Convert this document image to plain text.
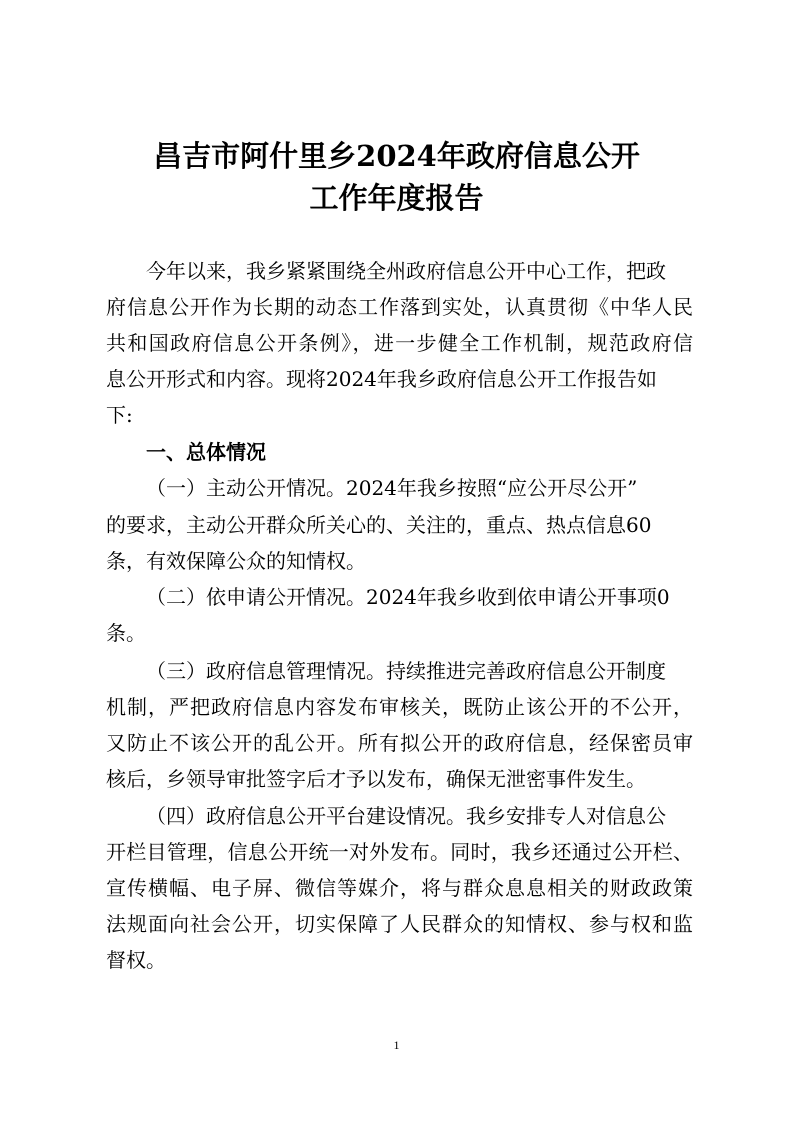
昌吉市阿什里乡2024年政府信息公开
工作年度报告
今年以来，我乡紧紧围绕全州政府信息公开中心工作，把政
府信息公开作为长期的动态工作落到实处，认真贯彻《中华人民
共和国政府信息公开条例》，进一步健全工作机制，规范政府信
息公开形式和内容。现将2024年我乡政府信息公开工作报告如
下:
一、总体情况
（一）主动公开情况。2024年我乡按照“应公开尽公开”
的要求，主动公开群众所关心的、关注的，重点、热点信息60
条，有效保障公众的知情权。
（二）依申请公开情况。2024年我乡收到依申请公开事项0
条。
（三）政府信息管理情况。持续推进完善政府信息公开制度
机制，严把政府信息内容发布审核关，既防止该公开的不公开，
又防止不该公开的乱公开。所有拟公开的政府信息，经保密员审
核后，乡领导审批签字后才予以发布，确保无泄密事件发生。
（四）政府信息公开平台建设情况。我乡安排专人对信息公
开栏目管理，信息公开统一对外发布。同时，我乡还通过公开栏、
宣传横幅、电子屏、微信等媒介，将与群众息息相关的财政政策
法规面向社会公开，切实保障了人民群众的知情权、参与权和监
督权。
1
